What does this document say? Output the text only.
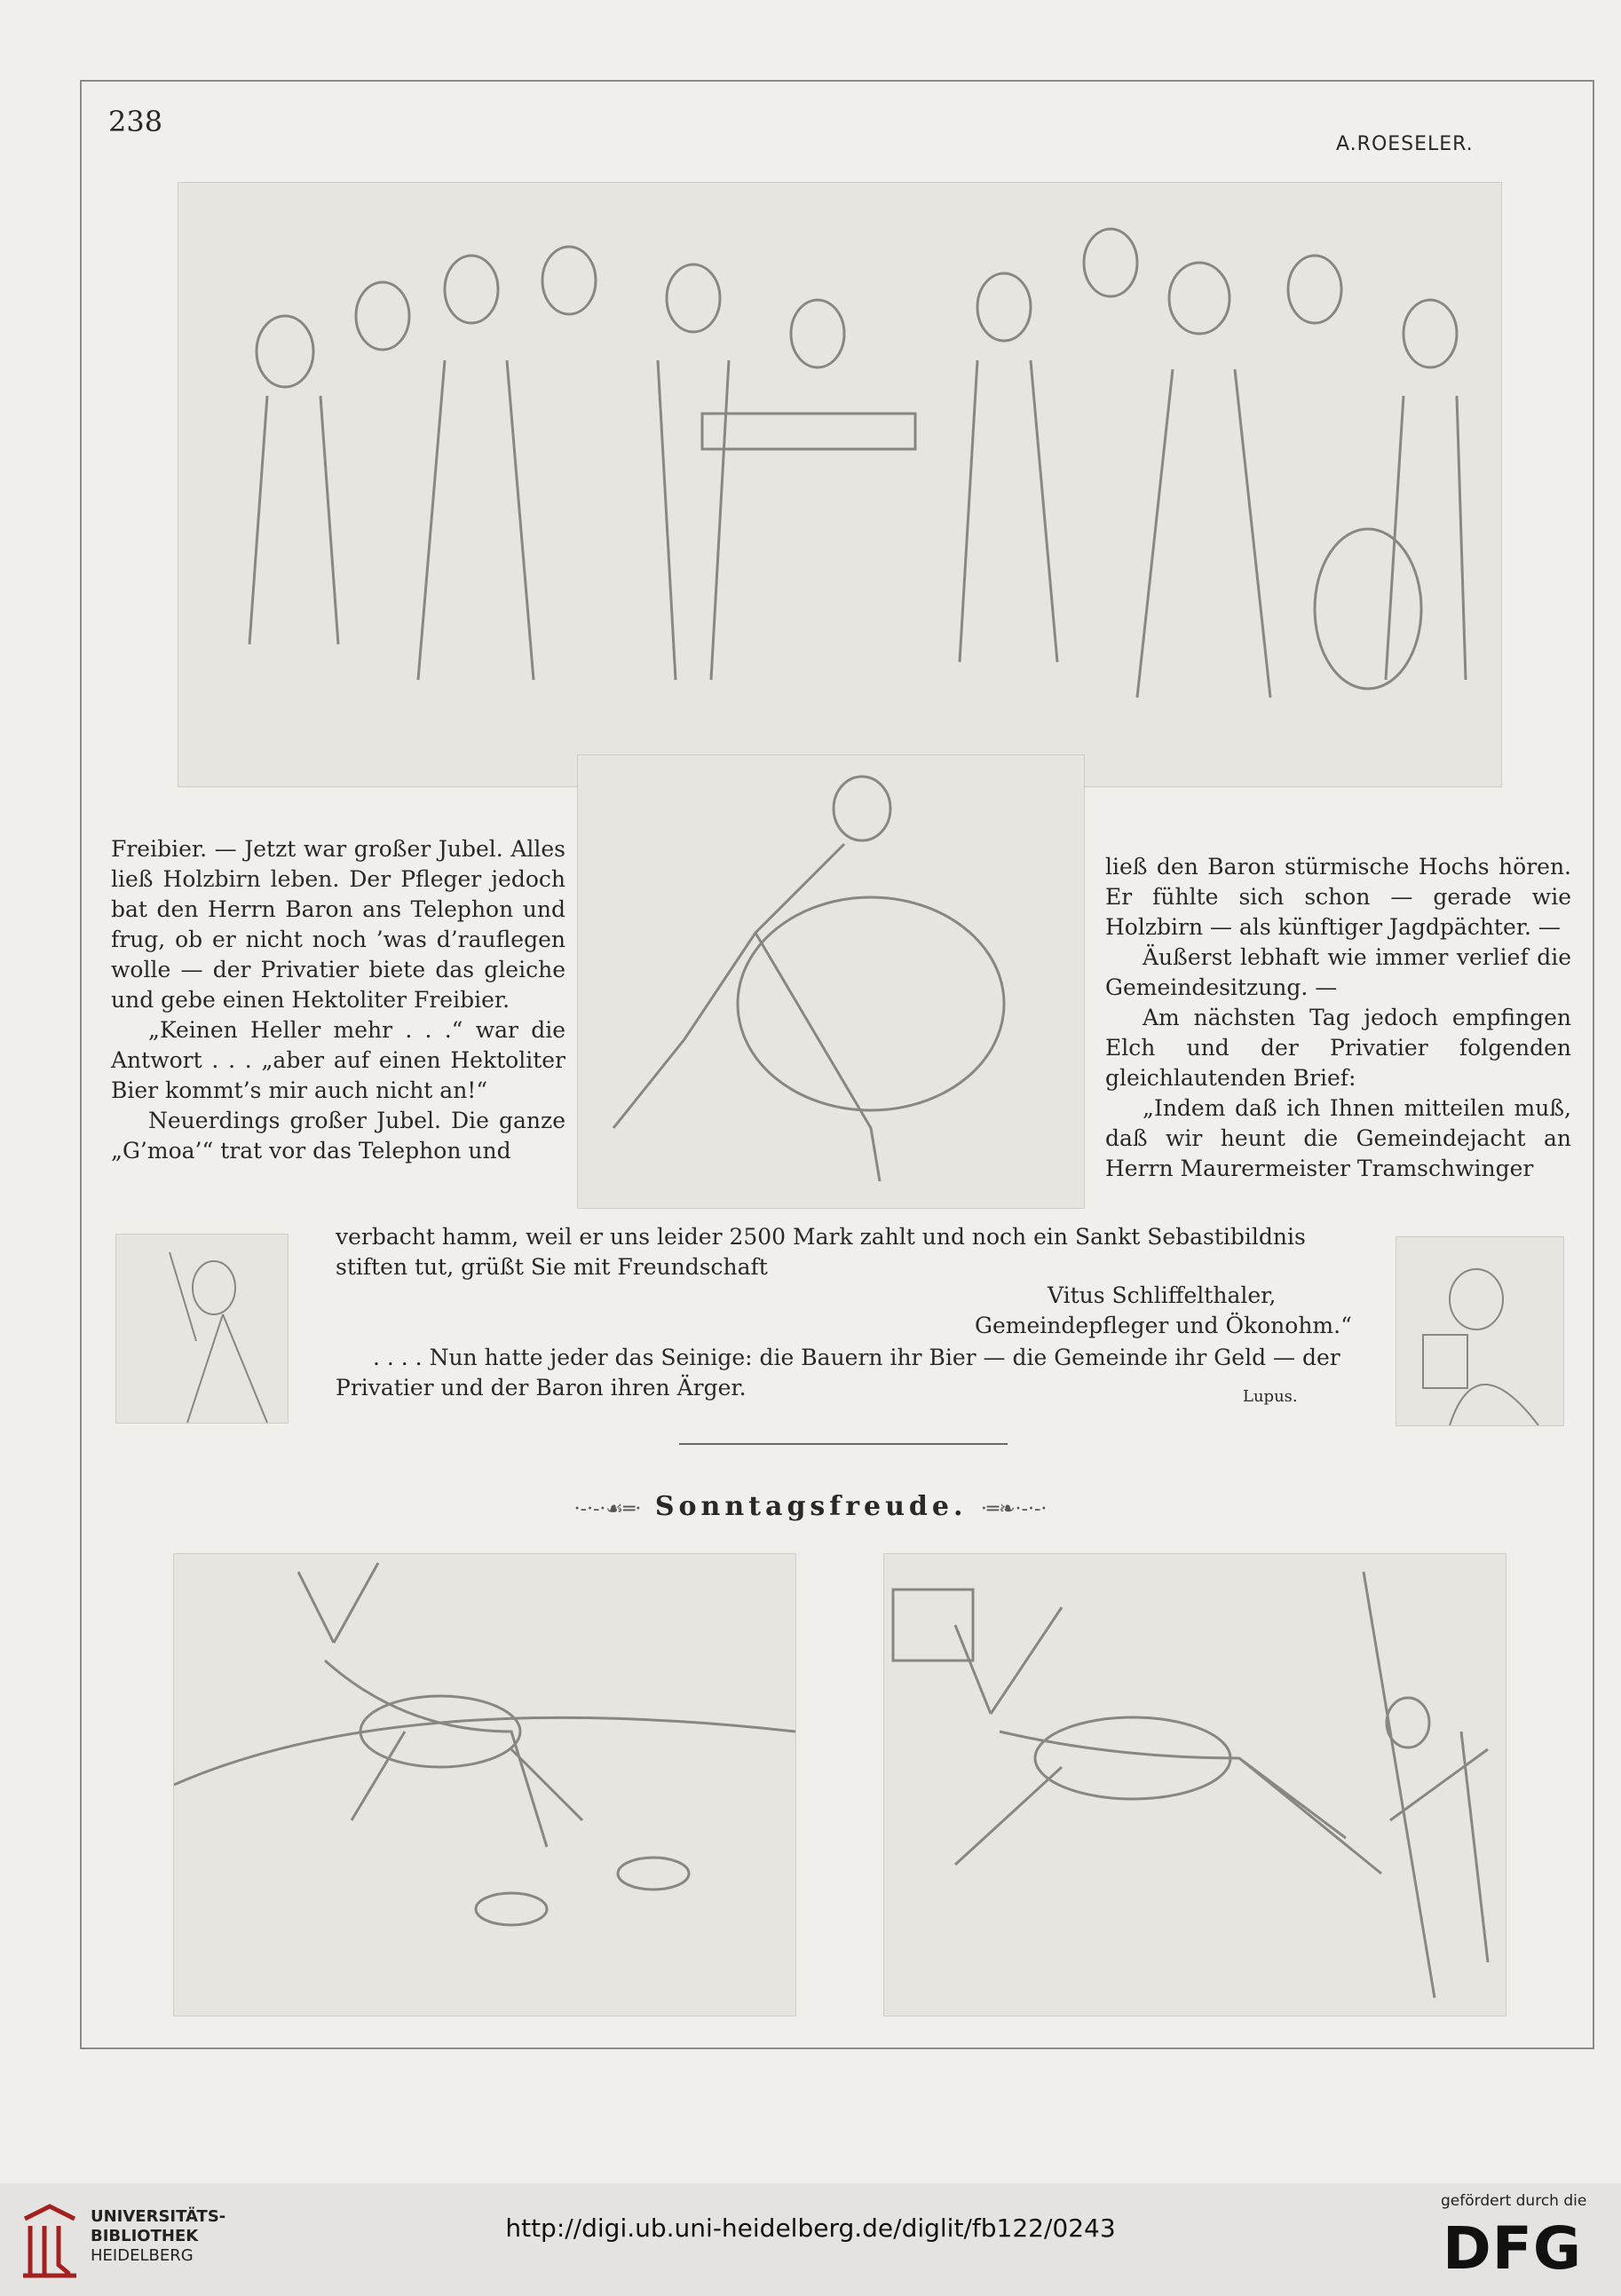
238
A.ROESELER.

Freibier. — Jetzt war großer Jubel. Alles ließ Holzbirn leben. Der Pfleger jedoch bat den Herrn Baron ans Telephon und frug, ob er nicht noch ’was d’rauflegen wolle — der Privatier biete das gleiche und gebe einen Hektoliter Freibier.

„Keinen Heller mehr . . .“ war die Antwort . . . „aber auf einen Hektoliter Bier kommt’s mir auch nicht an!“

Neuerdings großer Jubel. Die ganze „G’moa’“ trat vor das Telephon und

ließ den Baron stürmische Hochs hören. Er fühlte sich schon — gerade wie Holzbirn — als künftiger Jagdpächter. —

Äußerst lebhaft wie immer verlief die Gemeindesitzung. —

Am nächsten Tag jedoch empfingen Elch und der Privatier folgenden gleichlautenden Brief:

„Indem daß ich Ihnen mitteilen muß, daß wir heunt die Gemeindejacht an Herrn Maurermeister Tramschwinger

verbacht hamm, weil er uns leider 2500 Mark zahlt und noch ein Sankt Sebastibildnis stiften tut, grüßt Sie mit Freundschaft

Vitus Schliffelthaler,
Gemeindepfleger und Ökonohm.“

. . . . Nun hatte jeder das Seinige: die Bauern ihr Bier — die Gemeinde ihr Geld — der Privatier und der Baron ihren Ärger.	Lupus.
·-·-·☙═· Sonntagsfreude. ·═❧·-·-·
UNIVERSITÄTS-
BIBLIOTHEK
HEIDELBERG
http://digi.ub.uni-heidelberg.de/diglit/fb122/0243
gefördert durch die
DFG
